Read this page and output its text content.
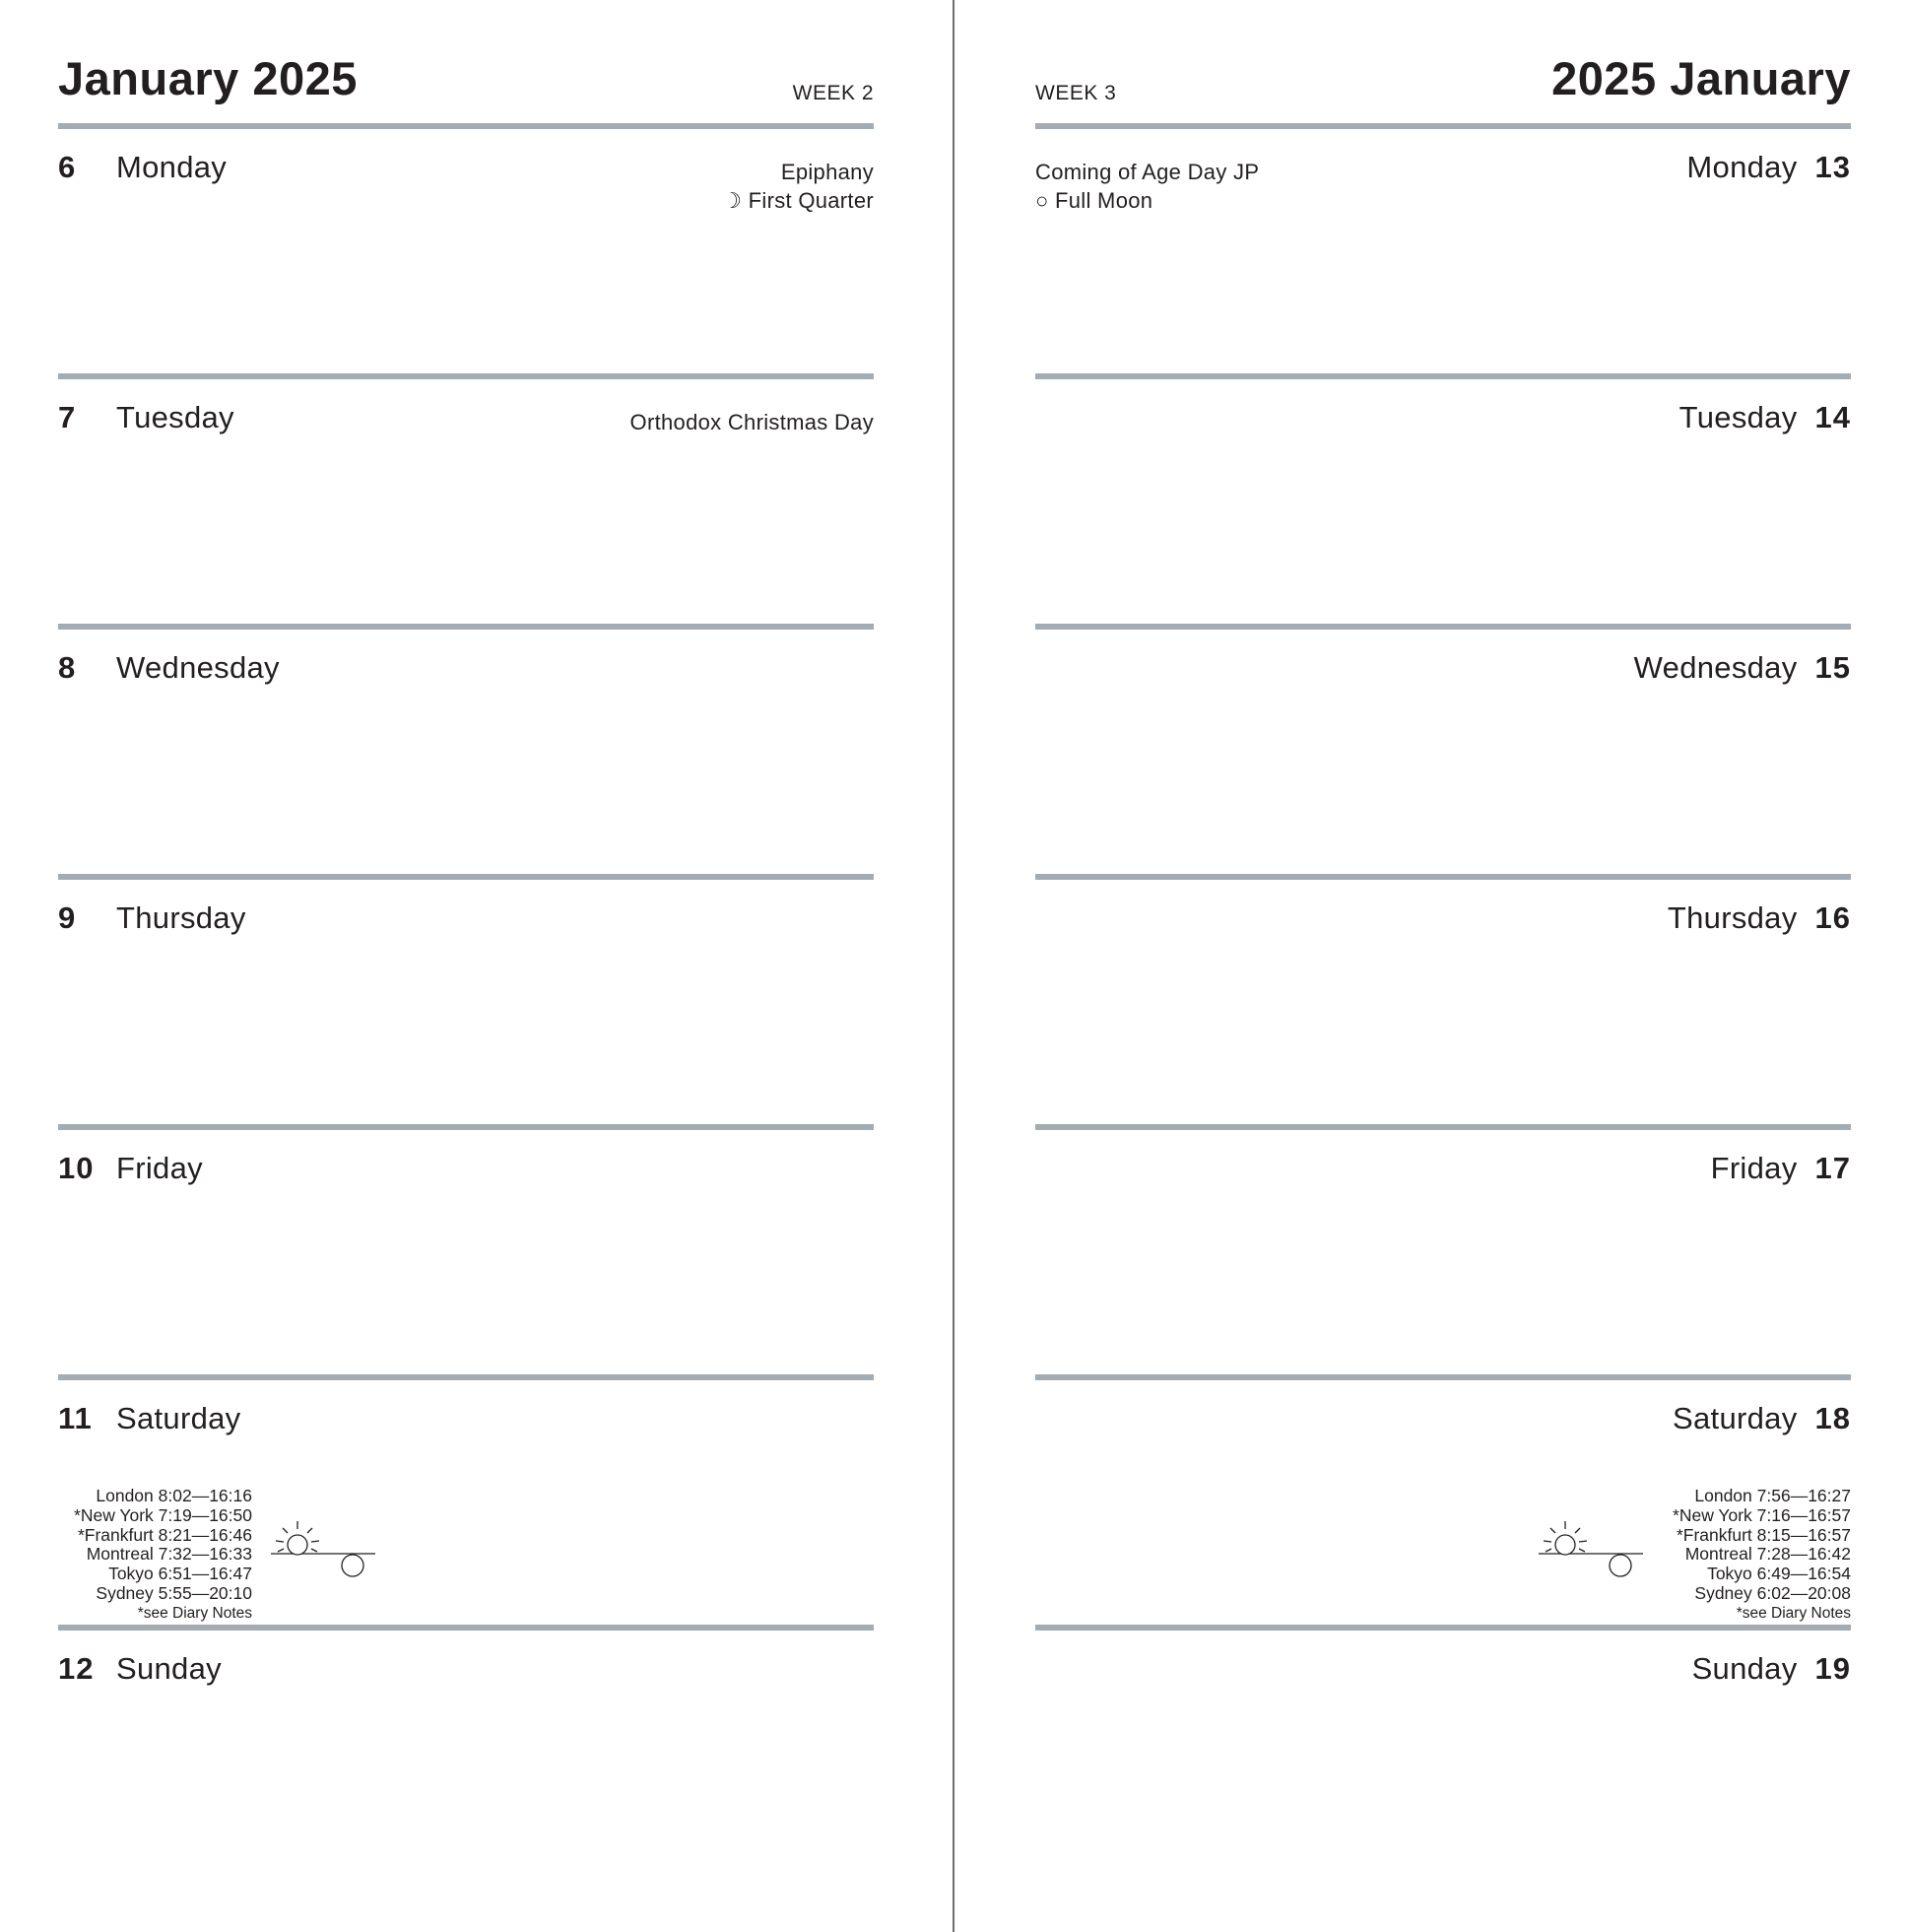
January 2025	WEEK 2
6	Monday	Epiphany
☽ First Quarter
7	Tuesday	Orthodox Christmas Day
8	Wednesday
9	Thursday
10 Friday
11 Saturday
London 8:02—16:16
*New York 7:19—16:50
*Frankfurt 8:21—16:46
Montreal 7:32—16:33
Tokyo 6:51—16:47
Sydney 5:55—20:10
*see Diary Notes
12 Sunday
2025 January
WEEK 3
Monday 13
Coming of Age Day JP
○ Full Moon
Tuesday 14
Wednesday 15
Thursday 16
Friday 17
Saturday 18
London 7:56—16:27
*New York 7:16—16:57
*Frankfurt 8:15—16:57
Montreal 7:28—16:42
Tokyo 6:49—16:54
Sydney 6:02—20:08
*see Diary Notes
Sunday 19
